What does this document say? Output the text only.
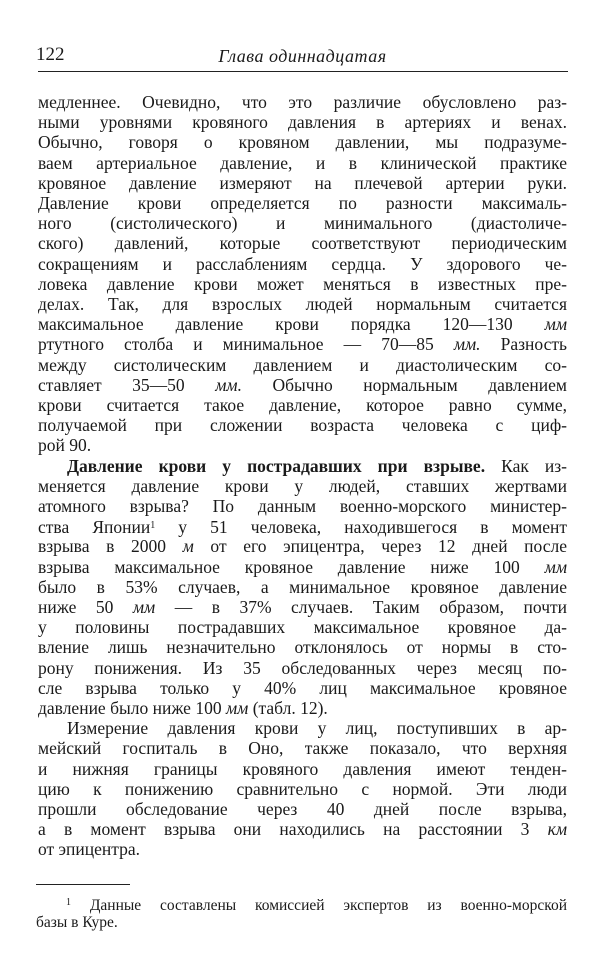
122	Глава одиннадцатая
медленнее. Очевидно, что это различие обусловлено раз-
ными уровнями кровяного давления в артериях и венах.
Обычно, говоря о кровяном давлении, мы подразуме-
ваем артериальное давление, и в клинической практике
кровяное давление измеряют на плечевой артерии руки.
Давление крови определяется по разности максималь-
ного (систолического) и минимального (диастоличе-
ского) давлений, которые соответствуют периодическим
сокращениям и расслаблениям сердца. У здорового че-
ловека давление крови может меняться в известных пре-
делах. Так, для взрослых людей нормальным считается
максимальное давление крови порядка 120—130 мм
ртутного столба и минимальное — 70—85 мм. Разность
между систолическим давлением и диастолическим со-
ставляет 35—50 мм. Обычно нормальным давлением
крови считается такое давление, которое равно сумме,
получаемой при сложении возраста человека с циф-
рой 90.
Давление крови у пострадавших при взрыве. Как из-
меняется давление крови у людей, ставших жертвами
атомного взрыва? По данным военно-морского министер-
ства Японии$^1$ у 51 человека, находившегося в момент
взрыва в 2000 м от его эпицентра, через 12 дней после
взрыва максимальное кровяное давление ниже 100 мм
было в 53% случаев, а минимальное кровяное давление
ниже 50 мм — в 37% случаев. Таким образом, почти
у половины пострадавших максимальное кровяное да-
вление лишь незначительно отклонялось от нормы в сто-
рону понижения. Из 35 обследованных через месяц по-
сле взрыва только у 40% лиц максимальное кровяное
давление было ниже 100 мм (табл. 12).
Измерение давления крови у лиц, поступивших в ар-
мейский госпиталь в Оно, также показало, что верхняя
и нижняя границы кровяного давления имеют тенден-
цию к понижению сравнительно с нормой. Эти люди
прошли обследование через 40 дней после взрыва,
а в момент взрыва они находились на расстоянии 3 км
от эпицентра.
$^1$ Данные составлены комиссией экспертов из военно-морской
базы в Куре.
